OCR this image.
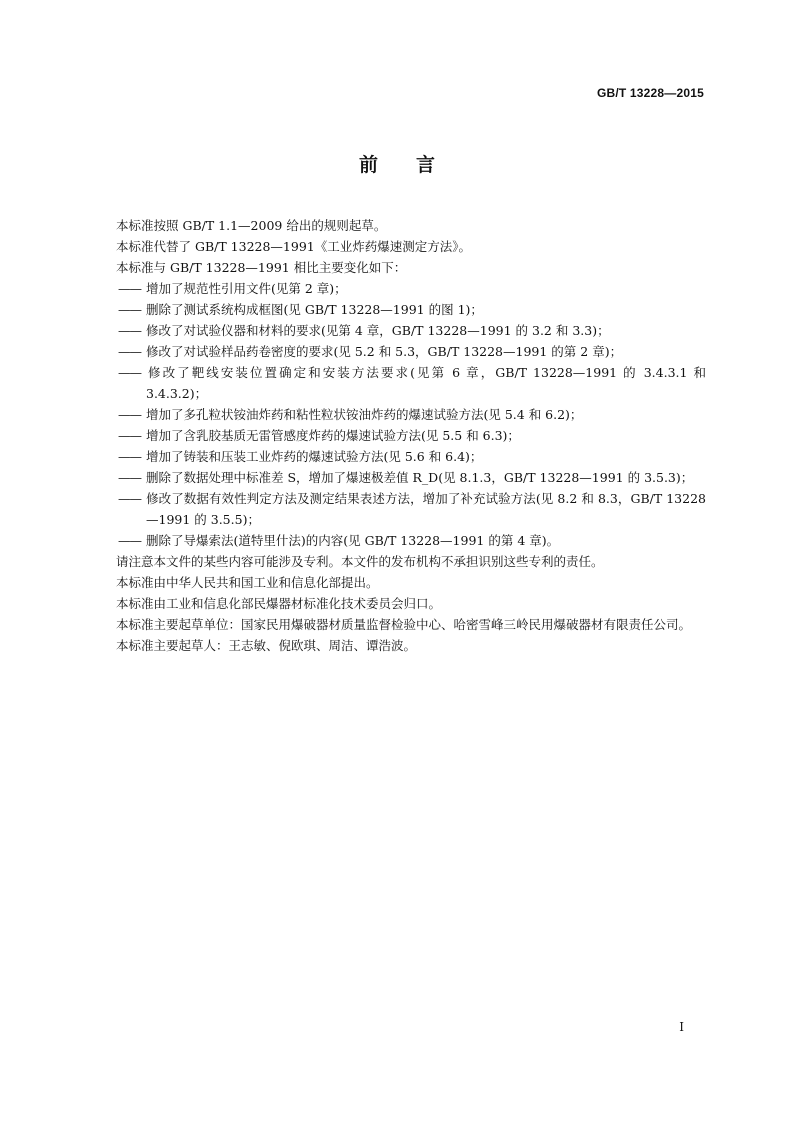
GB/T 13228—2015
前 言

本标准按照 GB/T 1.1—2009 给出的规则起草。

本标准代替了 GB/T 13228—1991《工业炸药爆速测定方法》。

本标准与 GB/T 13228—1991 相比主要变化如下：

—— 增加了规范性引用文件(见第 2 章)；

—— 删除了测试系统构成框图(见 GB/T 13228—1991 的图 1)；

—— 修改了对试验仪器和材料的要求(见第 4 章，GB/T 13228—1991 的 3.2 和 3.3)；

—— 修改了对试验样品药卷密度的要求(见 5.2 和 5.3，GB/T 13228—1991 的第 2 章)；

—— 修改了靶线安装位置确定和安装方法要求(见第 6 章，GB/T 13228—1991 的 3.4.3.1 和 3.4.3.2)；

—— 增加了多孔粒状铵油炸药和粘性粒状铵油炸药的爆速试验方法(见 5.4 和 6.2)；

—— 增加了含乳胶基质无雷管感度炸药的爆速试验方法(见 5.5 和 6.3)；

—— 增加了铸装和压装工业炸药的爆速试验方法(见 5.6 和 6.4)；

—— 删除了数据处理中标准差 S，增加了爆速极差值 R_D(见 8.1.3，GB/T 13228—1991 的 3.5.3)；

—— 修改了数据有效性判定方法及测定结果表述方法，增加了补充试验方法(见 8.2 和 8.3，GB/T 13228—1991 的 3.5.5)；

—— 删除了导爆索法(道特里什法)的内容(见 GB/T 13228—1991 的第 4 章)。

请注意本文件的某些内容可能涉及专利。本文件的发布机构不承担识别这些专利的责任。

本标准由中华人民共和国工业和信息化部提出。

本标准由工业和信息化部民爆器材标准化技术委员会归口。

本标准主要起草单位：国家民用爆破器材质量监督检验中心、哈密雪峰三岭民用爆破器材有限责任公司。

本标准主要起草人：王志敏、倪欧琪、周洁、谭浩波。

I
